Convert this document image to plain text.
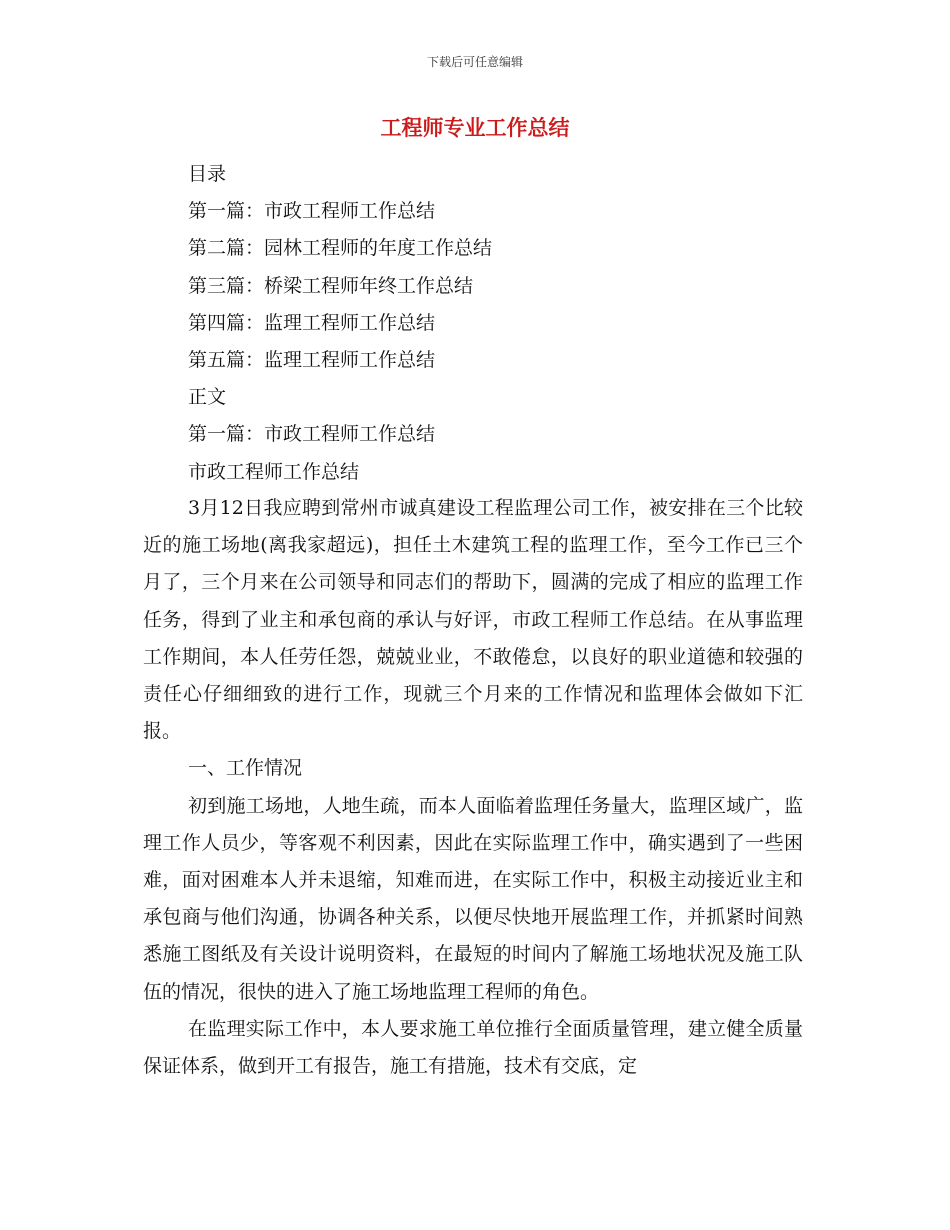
下载后可任意编辑
工程师专业工作总结
目录
第一篇：市政工程师工作总结
第二篇：园林工程师的年度工作总结
第三篇：桥梁工程师年终工作总结
第四篇：监理工程师工作总结
第五篇：监理工程师工作总结
正文
第一篇：市政工程师工作总结
市政工程师工作总结

3月12日我应聘到常州市诚真建设工程监理公司工作，被安排在三个比较近的施工场地(离我家超远)，担任土木建筑工程的监理工作，至今工作已三个月了，三个月来在公司领导和同志们的帮助下，圆满的完成了相应的监理工作任务，得到了业主和承包商的承认与好评，市政工程师工作总结。在从事监理工作期间，本人任劳任怨，兢兢业业，不敢倦怠，以良好的职业道德和较强的责任心仔细细致的进行工作，现就三个月来的工作情况和监理体会做如下汇报。

一、工作情况

初到施工场地，人地生疏，而本人面临着监理任务量大，监理区域广，监理工作人员少，等客观不利因素，因此在实际监理工作中，确实遇到了一些困难，面对困难本人并未退缩，知难而进，在实际工作中，积极主动接近业主和承包商与他们沟通，协调各种关系，以便尽快地开展监理工作，并抓紧时间熟悉施工图纸及有关设计说明资料，在最短的时间内了解施工场地状况及施工队伍的情况，很快的进入了施工场地监理工程师的角色。

在监理实际工作中，本人要求施工单位推行全面质量管理，建立健全质量保证体系，做到开工有报告，施工有措施，技术有交底，定
